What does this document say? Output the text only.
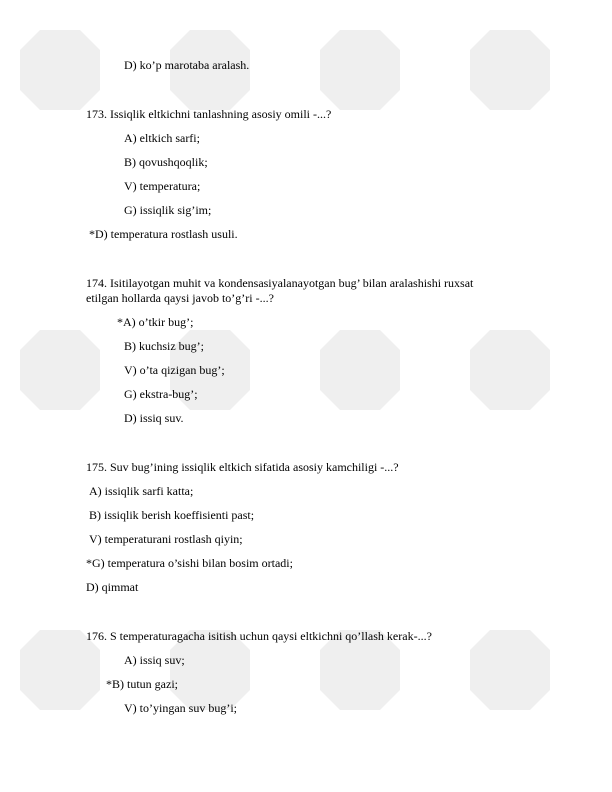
D) ko’p marotaba aralash.
173. Issiqlik eltkichni tanlashning asosiy omili -...?
A) eltkich sarfi;
B) qovushqoqlik;
V) temperatura;
G) issiqlik sig’im;
*D) temperatura rostlash usuli.
174. Isitilayotgan muhit va kondensasiyalanayotgan bug’ bilan aralashishi ruxsat
etilgan hollarda qaysi javob to’g’ri -...?
*A) o’tkir bug’;
B) kuchsiz bug’;
V) o’ta qizigan bug’;
G) ekstra-bug’;
D) issiq suv.
175. Suv bug’ining issiqlik eltkich sifatida asosiy kamchiligi -...?
A) issiqlik sarfi katta;
B) issiqlik berish koeffisienti past;
V) temperaturani rostlash qiyin;
*G) temperatura o’sishi bilan bosim ortadi;
D) qimmat
176. S temperaturagacha isitish uchun qaysi eltkichni qo’llash kerak-...?
A) issiq suv;
*B) tutun gazi;
V) to’yingan suv bug’i;
